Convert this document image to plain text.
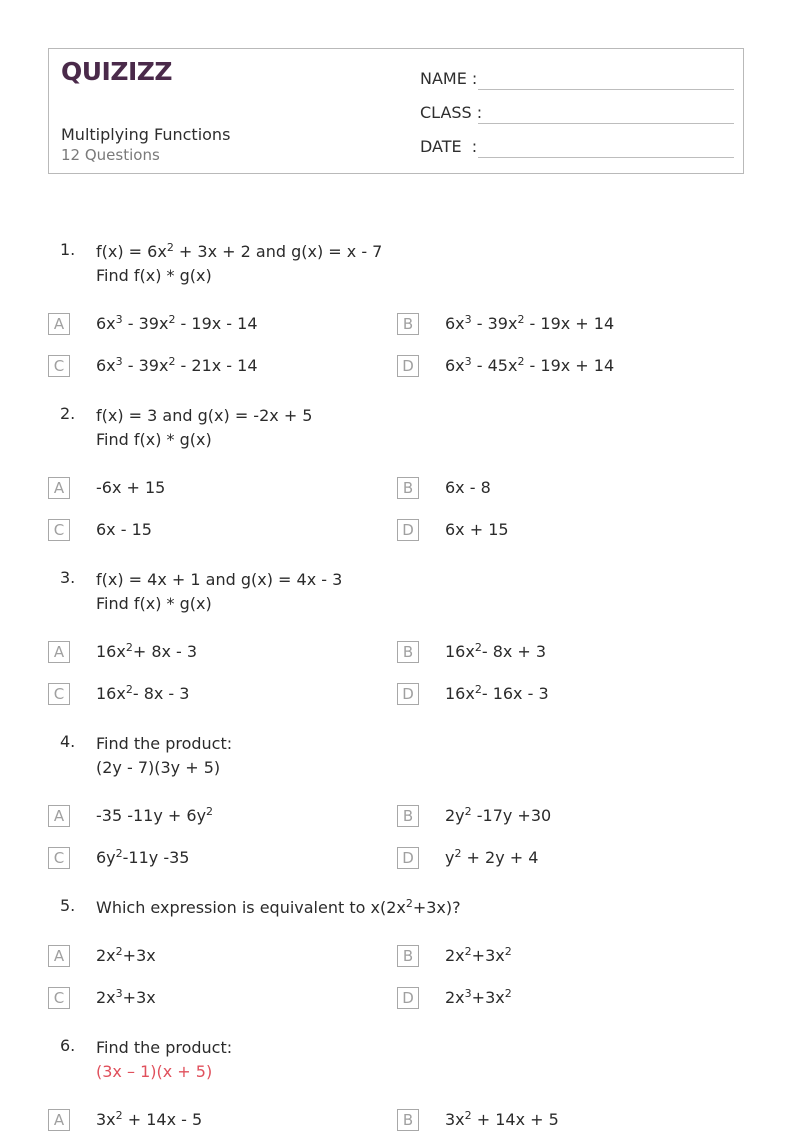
QUIZIZZ
Multiplying Functions
12 Questions
NAME :
CLASS :
DATE  :
1. $f(x) = 6x^2 + 3x + 2$ and g(x) = x - 7
Find f(x) * g(x)
A	$6x^3 - 39x^2 - 19x - 14$	B	$6x^3 - 39x^2 - 19x + 14$
C	$6x^3 - 39x^2 - 21x - 14$	D	$6x^3 - 45x^2 - 19x + 14$
2. f(x) = 3 and g(x) = -2x + 5
Find f(x) * g(x)
A	-6x + 15	B	6x - 8
C	6x - 15	D	6x + 15
3. f(x) = 4x + 1 and g(x) = 4x - 3
Find f(x) * g(x)
A	$16x^2+ 8x - 3$	B	$16x^2-$ 8x + 3
C	$16x^2-$ 8x - 3	D	$16x^2-$ 16x - 3
4. Find the product:
(2y - 7)(3y + 5)
A	-35 $-11y + 6y^2$	B	$2y^2$ -17y +30
C	$6y^2-11y$ -35	D	$y^2 + 2y + 4$
5. Which expression is equivalent to $x(2x^2+3x)$?
A	$2x^2+3x$	B	$2x^2+3x^2$
C	$2x^3+3x$	D	$2x^3+3x^2$
6. Find the product:
(3x – 1)(x + 5)
A	$3x^2 + 14x - 5$	B	$3x^2 + 14x + 5$
